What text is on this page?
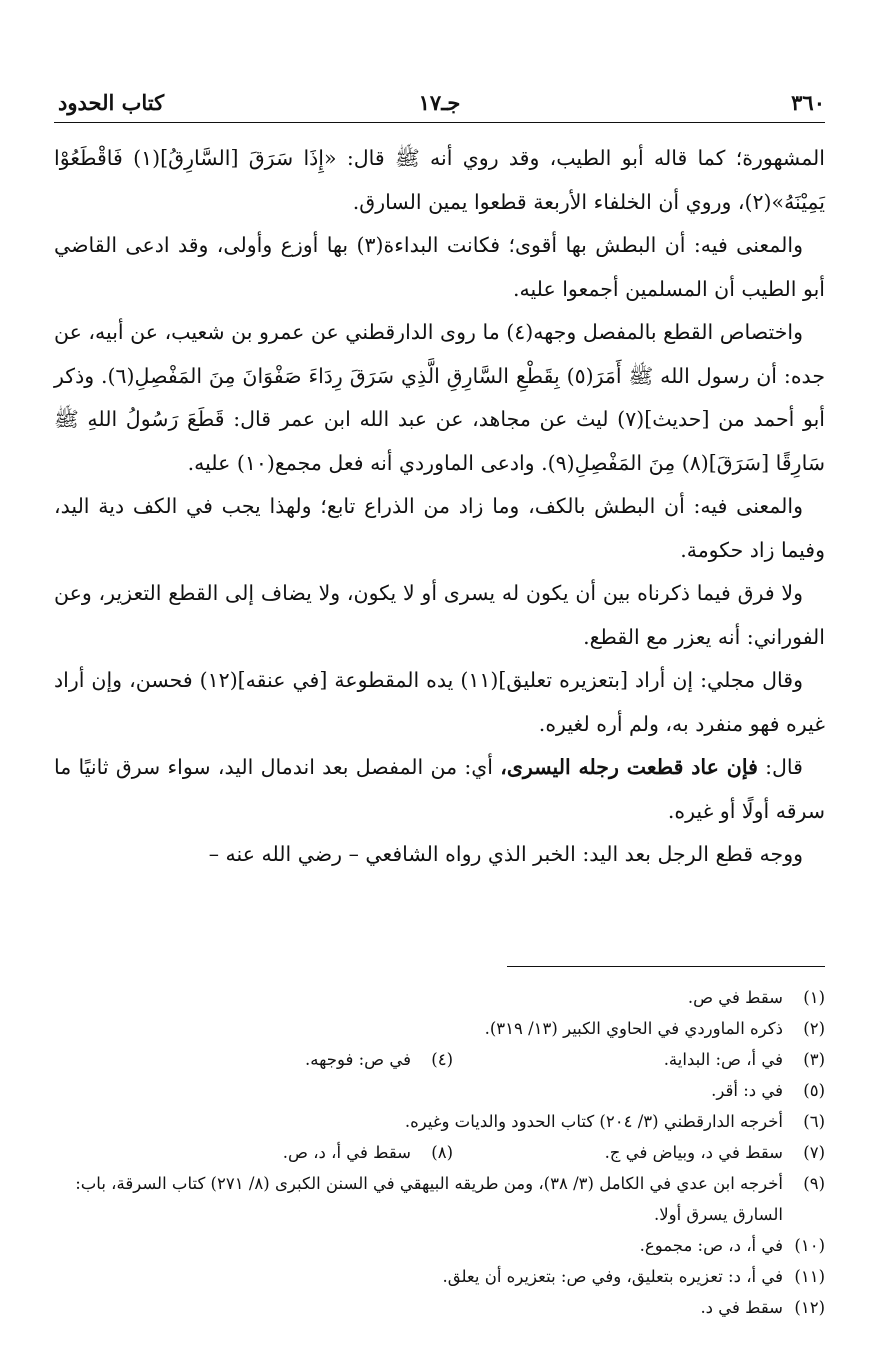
٣٦٠
جـ١٧
كتاب الحدود

المشهورة؛ كما قاله أبو الطيب، وقد روي أنه ﷺ قال: «إِذَا سَرَقَ [السَّارِقُ](١) فَاقْطَعُوْا يَمِيْنَهُ»(٢)، وروي أن الخلفاء الأربعة قطعوا يمين السارق.

والمعنى فيه: أن البطش بها أقوى؛ فكانت البداءة(٣) بها أوزع وأولى، وقد ادعى القاضي أبو الطيب أن المسلمين أجمعوا عليه.

واختصاص القطع بالمفصل وجهه(٤) ما روى الدارقطني عن عمرو بن شعيب، عن أبيه، عن جده: أن رسول الله ﷺ أَمَرَ(٥) بِقَطْعِ السَّارِقِ الَّذِي سَرَقَ رِدَاءَ صَفْوَانَ مِنَ المَفْصِلِ(٦). وذكر أبو أحمد من [حديث](٧) ليث عن مجاهد، عن عبد الله ابن عمر قال: قَطَعَ رَسُولُ اللهِ ﷺ سَارِقًا [سَرَقَ](٨) مِنَ المَفْصِلِ(٩). وادعى الماوردي أنه فعل مجمع(١٠) عليه.

والمعنى فيه: أن البطش بالكف، وما زاد من الذراع تابع؛ ولهذا يجب في الكف دية اليد، وفيما زاد حكومة.

ولا فرق فيما ذكرناه بين أن يكون له يسرى أو لا يكون، ولا يضاف إلى القطع التعزير، وعن الفوراني: أنه يعزر مع القطع.

وقال مجلي: إن أراد [بتعزيره تعليق](١١) يده المقطوعة [في عنقه](١٢) فحسن، وإن أراد غيره فهو منفرد به، ولم أره لغيره.

قال: فإن عاد قطعت رجله اليسرى، أي: من المفصل بعد اندمال اليد، سواء سرق ثانيًا ما سرقه أولًا أو غيره.

ووجه قطع الرجل بعد اليد: الخبر الذي رواه الشافعي – رضي الله عنه –

(١)
سقط في ص.
(٢)
ذكره الماوردي في الحاوي الكبير (١٣/ ٣١٩).
(٣)
في أ، ص: البداية.
(٤)
في ص: فوجهه.
(٥)
في د: أقر.
(٦)
أخرجه الدارقطني (٣/ ٢٠٤) كتاب الحدود والديات وغيره.
(٧)
سقط في د، وبياض في ج.
(٨)
سقط في أ، د، ص.
(٩)
أخرجه ابن عدي في الكامل (٣/ ٣٨)، ومن طريقه البيهقي في السنن الكبرى (٨/ ٢٧١) كتاب السرقة، باب: السارق يسرق أولا.
(١٠)
في أ، د، ص: مجموع.
(١١)
في أ، د: تعزيره بتعليق، وفي ص: بتعزيره أن يعلق.
(١٢)
سقط في د.
